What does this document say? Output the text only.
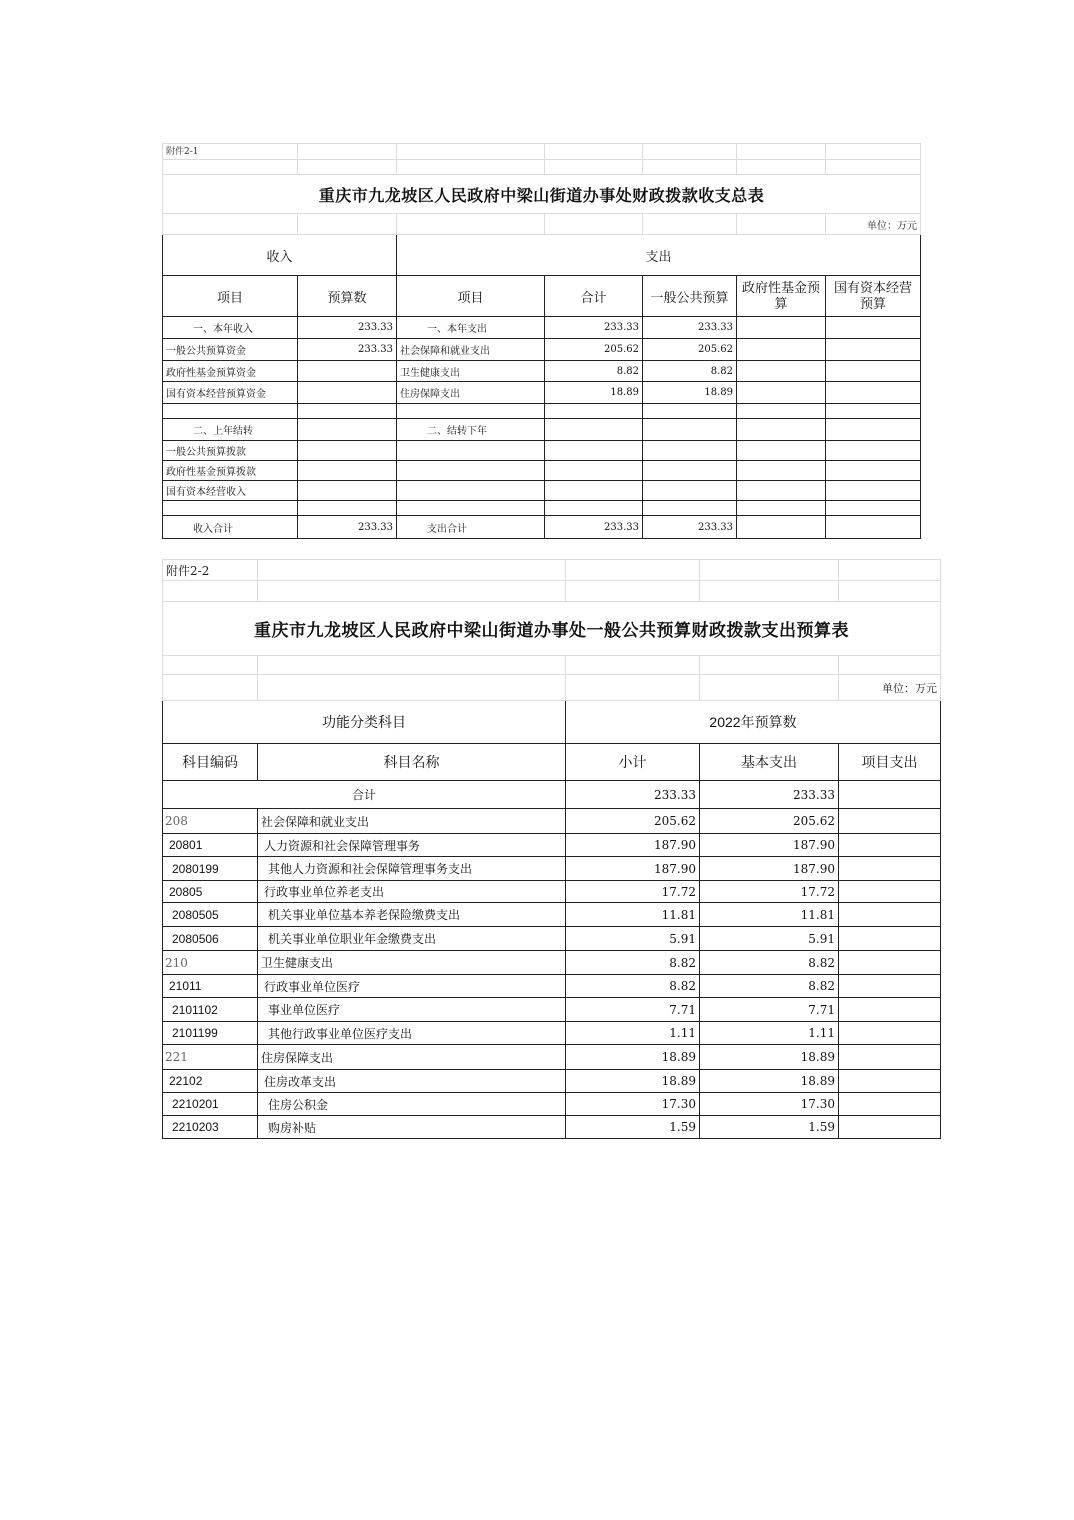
附件2-1						

重庆市九龙坡区人民政府中梁山街道办事处财政拨款收支总表						
						单位：万元
收入		支出				
项目	预算数	项目	合计	一般公共预算	政府性基金预算	国有资本经营预算
一、本年收入	233.33	一、本年支出	233.33	233.33		
一般公共预算资金	233.33	社会保障和就业支出	205.62	205.62		
政府性基金预算资金		卫生健康支出	8.82	8.82		
国有资本经营预算资金		住房保障支出	18.89	18.89		

二、上年结转		二、结转下年				
一般公共预算拨款						
政府性基金预算拨款						
国有资本经营收入						

收入合计	233.33	支出合计	233.33	233.33		
附件2-2				

重庆市九龙坡区人民政府中梁山街道办事处一般公共预算财政拨款支出预算表				

				单位：万元
功能分类科目		2022年预算数		
科目编码	科目名称	小计	基本支出	项目支出
合计		233.33	233.33	
208	社会保障和就业支出	205.62	205.62	
20801	人力资源和社会保障管理事务	187.90	187.90	
2080199	其他人力资源和社会保障管理事务支出	187.90	187.90	
20805	行政事业单位养老支出	17.72	17.72	
2080505	机关事业单位基本养老保险缴费支出	11.81	11.81	
2080506	机关事业单位职业年金缴费支出	5.91	5.91	
210	卫生健康支出	8.82	8.82	
21011	行政事业单位医疗	8.82	8.82	
2101102	事业单位医疗	7.71	7.71	
2101199	其他行政事业单位医疗支出	1.11	1.11	
221	住房保障支出	18.89	18.89	
22102	住房改革支出	18.89	18.89	
2210201	住房公积金	17.30	17.30	
2210203	购房补贴	1.59	1.59	
